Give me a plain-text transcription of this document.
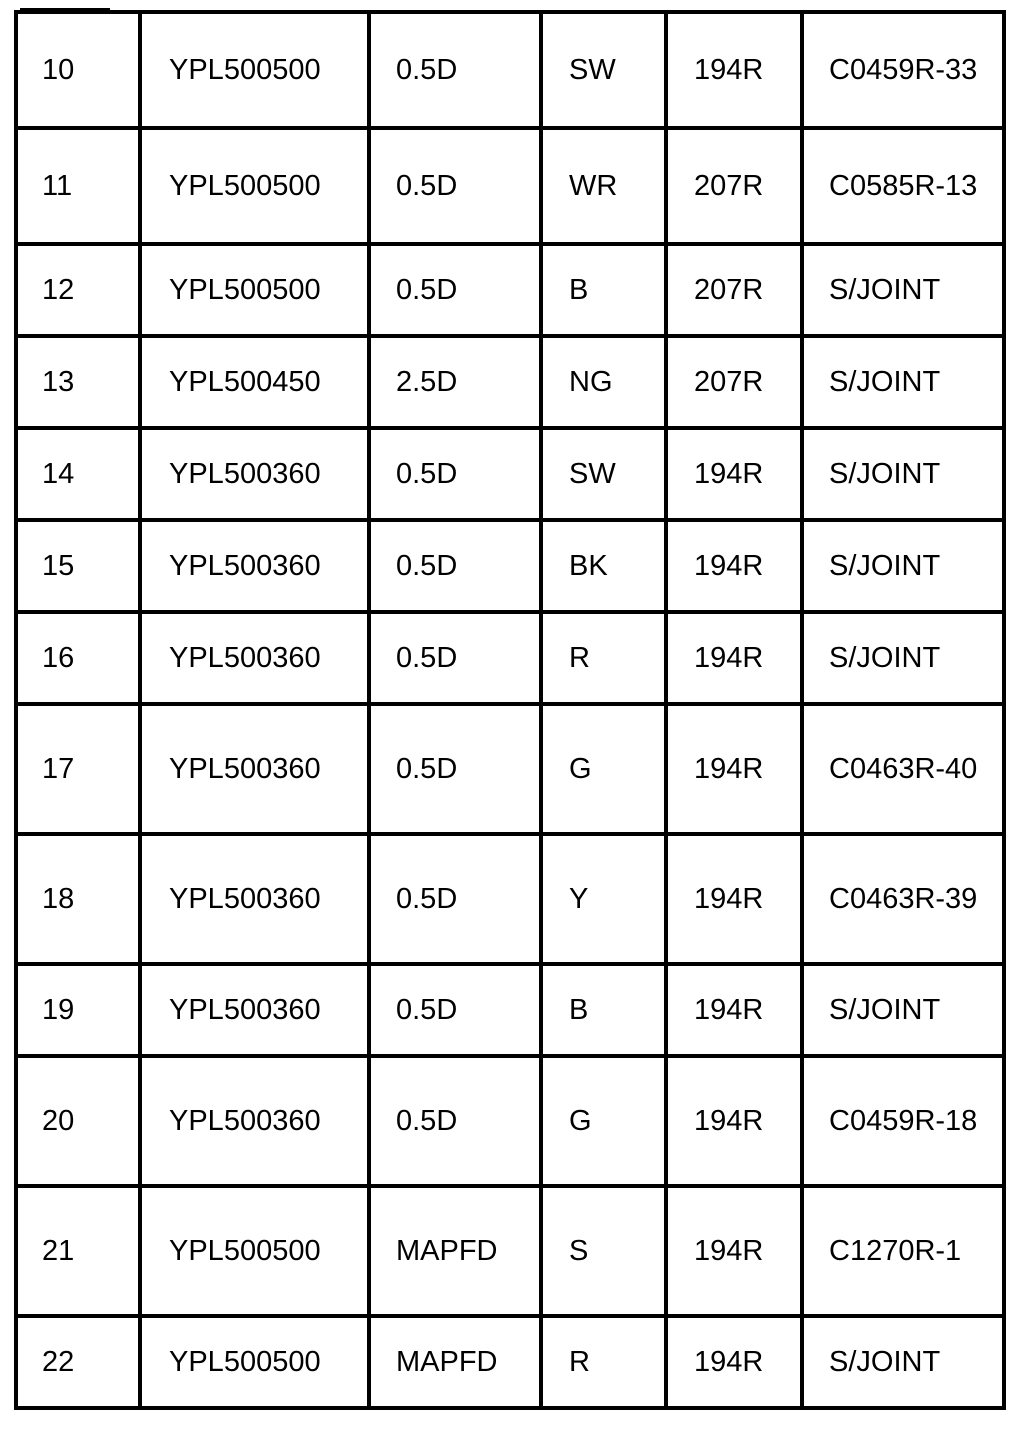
10	YPL500500	0.5D	SW	194R	C0459R-33
11	YPL500500	0.5D	WR	207R	C0585R-13
12	YPL500500	0.5D	B	207R	S/JOINT
13	YPL500450	2.5D	NG	207R	S/JOINT
14	YPL500360	0.5D	SW	194R	S/JOINT
15	YPL500360	0.5D	BK	194R	S/JOINT
16	YPL500360	0.5D	R	194R	S/JOINT
17	YPL500360	0.5D	G	194R	C0463R-40
18	YPL500360	0.5D	Y	194R	C0463R-39
19	YPL500360	0.5D	B	194R	S/JOINT
20	YPL500360	0.5D	G	194R	C0459R-18
21	YPL500500	MAPFD	S	194R	C1270R-1
22	YPL500500	MAPFD	R	194R	S/JOINT
